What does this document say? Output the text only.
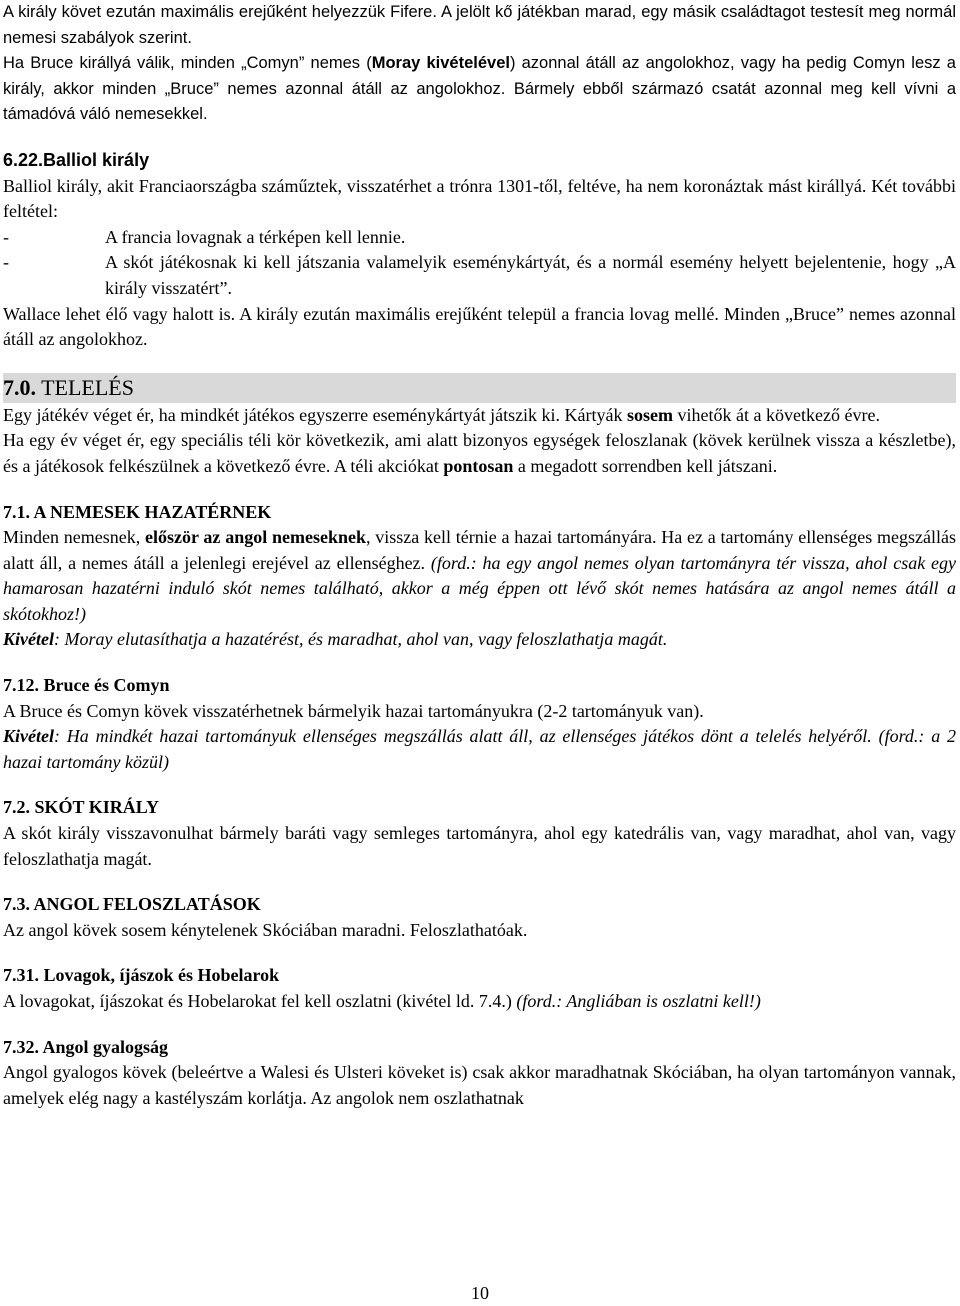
A király követ ezután maximális erejűként helyezzük Fifere. A jelölt kő játékban marad, egy másik családtagot testesít meg normál nemesi szabályok szerint.

Ha Bruce királlyá válik, minden „Comyn” nemes (Moray kivételével) azonnal átáll az angolokhoz, vagy ha pedig Comyn lesz a király, akkor minden „Bruce” nemes azonnal átáll az angolokhoz. Bármely ebből származó csatát azonnal meg kell vívni a támadóvá váló nemesekkel.

6.22.Balliol király

Balliol király, akit Franciaországba száműztek, visszatérhet a trónra 1301-től, feltéve, ha nem koronáztak mást királlyá. Két további feltétel:

-	A francia lovagnak a térképen kell lennie.
-	A skót játékosnak ki kell játszania valamelyik eseménykártyát, és a normál esemény helyett bejelentenie, hogy „A király visszatért”.

Wallace lehet élő vagy halott is. A király ezután maximális erejűként települ a francia lovag mellé. Minden „Bruce” nemes azonnal átáll az angolokhoz.

7.0. TELELÉS

Egy játékév véget ér, ha mindkét játékos egyszerre eseménykártyát játszik ki. Kártyák sosem vihetők át a következő évre.

Ha egy év véget ér, egy speciális téli kör következik, ami alatt bizonyos egységek feloszlanak (kövek kerülnek vissza a készletbe), és a játékosok felkészülnek a következő évre. A téli akciókat pontosan a megadott sorrendben kell játszani.

7.1. A NEMESEK HAZATÉRNEK

Minden nemesnek, először az angol nemeseknek, vissza kell térnie a hazai tartományára. Ha ez a tartomány ellenséges megszállás alatt áll, a nemes átáll a jelenlegi erejével az ellenséghez. (ford.: ha egy angol nemes olyan tartományra tér vissza, ahol csak egy hamarosan hazatérni induló skót nemes található, akkor a még éppen ott lévő skót nemes hatására az angol nemes átáll a skótokhoz!)

Kivétel: Moray elutasíthatja a hazatérést, és maradhat, ahol van, vagy feloszlathatja magát.

7.12. Bruce és Comyn

A Bruce és Comyn kövek visszatérhetnek bármelyik hazai tartományukra (2-2 tartományuk van).

Kivétel: Ha mindkét hazai tartományuk ellenséges megszállás alatt áll, az ellenséges játékos dönt a telelés helyéről. (ford.: a 2 hazai tartomány közül)

7.2. SKÓT KIRÁLY

A skót király visszavonulhat bármely baráti vagy semleges tartományra, ahol egy katedrális van, vagy maradhat, ahol van, vagy feloszlathatja magát.

7.3. ANGOL FELOSZLATÁSOK

Az angol kövek sosem kénytelenek Skóciában maradni. Feloszlathatóak.

7.31. Lovagok, íjászok és Hobelarok

A lovagokat, íjászokat és Hobelarokat fel kell oszlatni (kivétel ld. 7.4.) (ford.: Angliában is oszlatni kell!)

7.32. Angol gyalogság

Angol gyalogos kövek (beleértve a Walesi és Ulsteri köveket is) csak akkor maradhatnak Skóciában, ha olyan tartományon vannak, amelyek elég nagy a kastélyszám korlátja. Az angolok nem oszlathatnak

10
